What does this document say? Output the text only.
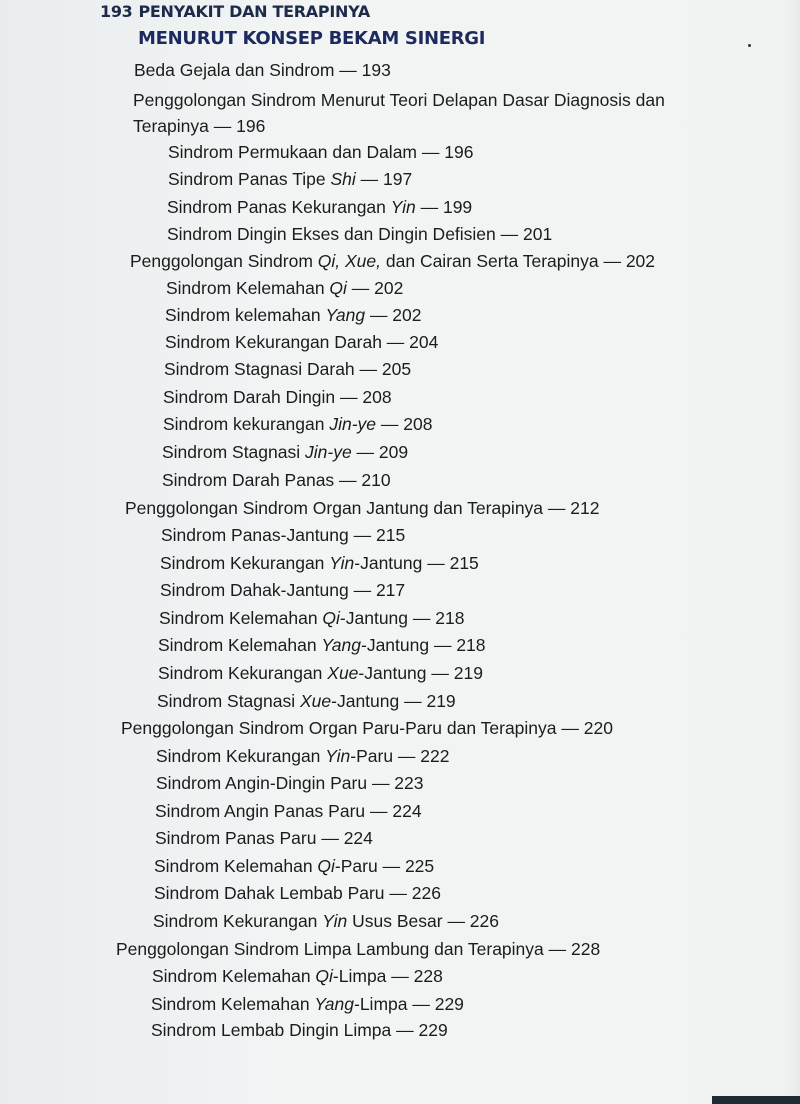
193 PENYAKIT DAN TERAPINYA
MENURUT KONSEP BEKAM SINERGI
Beda Gejala dan Sindrom — 193
Penggolongan Sindrom Menurut Teori Delapan Dasar Diagnosis dan
Terapinya — 196
Sindrom Permukaan dan Dalam — 196
Sindrom Panas Tipe Shi — 197
Sindrom Panas Kekurangan Yin — 199
Sindrom Dingin Ekses dan Dingin Defisien — 201
Penggolongan Sindrom Qi, Xue, dan Cairan Serta Terapinya — 202
Sindrom Kelemahan Qi — 202
Sindrom kelemahan Yang — 202
Sindrom Kekurangan Darah — 204
Sindrom Stagnasi Darah — 205
Sindrom Darah Dingin — 208
Sindrom kekurangan Jin-ye — 208
Sindrom Stagnasi Jin-ye — 209
Sindrom Darah Panas — 210
Penggolongan Sindrom Organ Jantung dan Terapinya — 212
Sindrom Panas-Jantung — 215
Sindrom Kekurangan Yin-Jantung — 215
Sindrom Dahak-Jantung — 217
Sindrom Kelemahan Qi-Jantung — 218
Sindrom Kelemahan Yang-Jantung — 218
Sindrom Kekurangan Xue-Jantung — 219
Sindrom Stagnasi Xue-Jantung — 219
Penggolongan Sindrom Organ Paru-Paru dan Terapinya — 220
Sindrom Kekurangan Yin-Paru — 222
Sindrom Angin-Dingin Paru — 223
Sindrom Angin Panas Paru — 224
Sindrom Panas Paru — 224
Sindrom Kelemahan Qi-Paru — 225
Sindrom Dahak Lembab Paru — 226
Sindrom Kekurangan Yin Usus Besar — 226
Penggolongan Sindrom Limpa Lambung dan Terapinya — 228
Sindrom Kelemahan Qi-Limpa — 228
Sindrom Kelemahan Yang-Limpa — 229
Sindrom Lembab Dingin Limpa — 229
